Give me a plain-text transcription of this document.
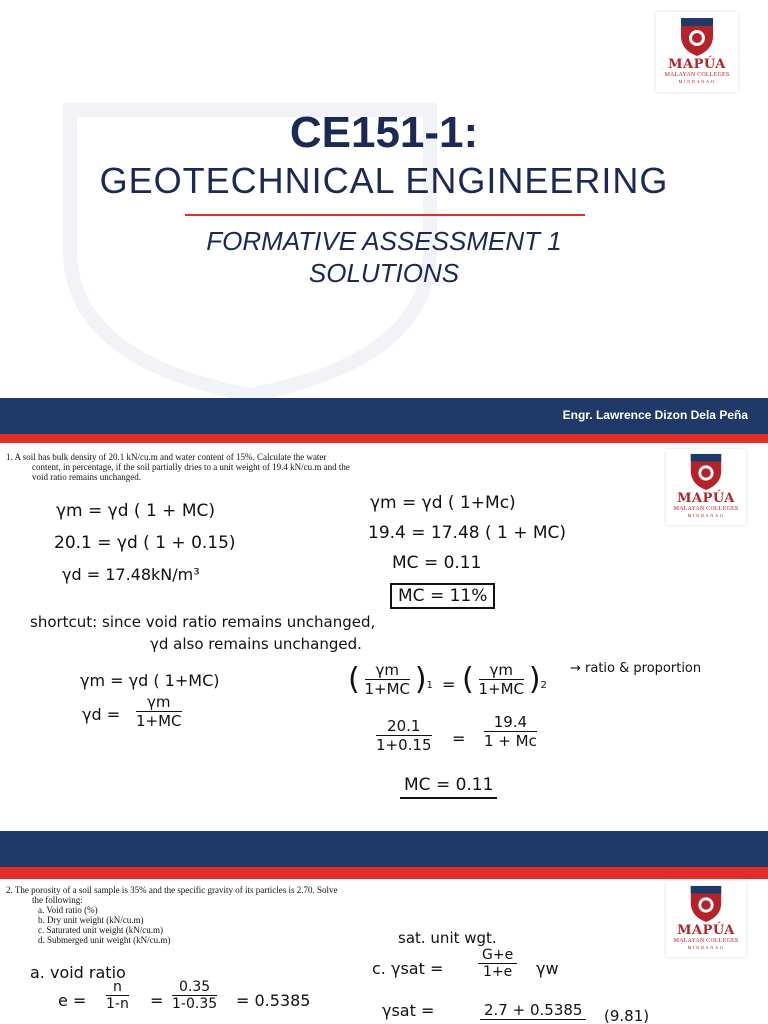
MAPÚA
MALAYAN COLLEGES
MINDANAO
CE151-1:
GEOTECHNICAL ENGINEERING
FORMATIVE ASSESSMENT 1
SOLUTIONS
Engr. Lawrence Dizon Dela Peña
MAPÚA
MALAYAN COLLEGES
MINDANAO
1. A soil has bulk density of 20.1 kN/cu.m and water content of 15%. Calculate the water
content, in percentage, if the soil partially dries to a unit weight of 19.4 kN/cu.m and the
void ratio remains unchanged.
γm = γd ( 1 + MC)
20.1 = γd ( 1 + 0.15)
γd = 17.48kN/m³
γm = γd ( 1+Mc)
19.4 = 17.48 ( 1 + MC)
MC = 0.11
MC = 11%
shortcut: since void ratio remains unchanged,
γd also remains unchanged.
γm = γd ( 1+MC)
$\gamma d = \frac{\gamma m}{1+MC}$
( $\frac{\gamma m}{1+MC} )_1$ = ( $\frac{\gamma m}{1+MC} )_2$
→ ratio & proportion
$\frac{20.1}{1+0.15} = \frac{19.4}{1 + Mc}$
MC = 0.11
MAPÚA
MALAYAN COLLEGES
MINDANAO
2. The porosity of a soil sample is 35% and the specific gravity of its particles is 2.70. Solve
the following:
a. Void ratio (%)
b. Dry unit weight (kN/cu.m)
c. Saturated unit weight (kN/cu.m)
d. Submerged unit weight (kN/cu.m)
a. void ratio
$e = \frac{n}{1-n} = \frac{0.35}{1-0.35} = 0.5385$
sat. unit wgt.
c. $\gamma sat = \frac{G+e}{1+e}$ γw
γsat =	2.7 + 0.5385 (9.81)
